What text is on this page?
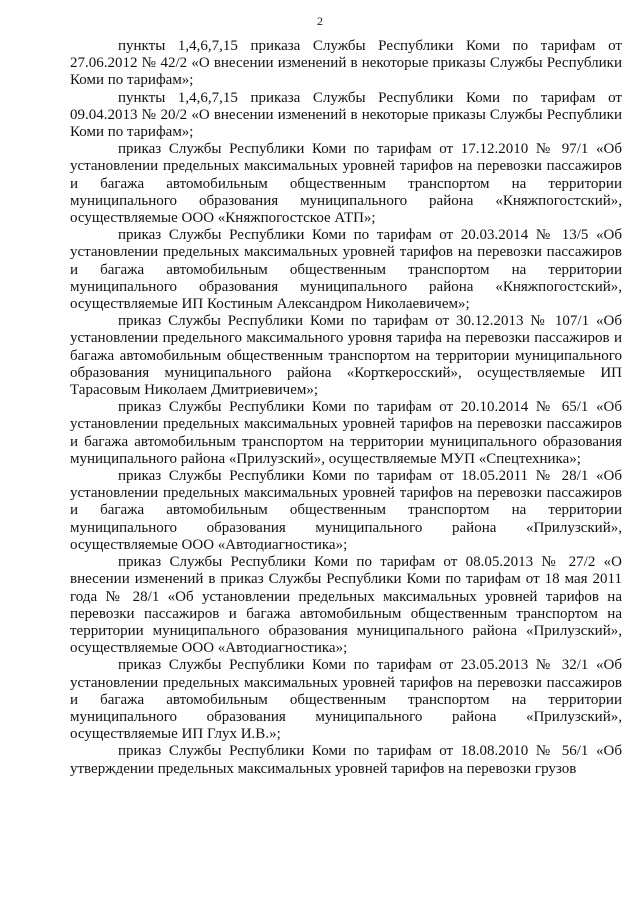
2

пункты 1,4,6,7,15 приказа Службы Республики Коми по тарифам от 27.06.2012 № 42/2 «О внесении изменений в некоторые приказы Службы Республики Коми по тарифам»;

пункты 1,4,6,7,15 приказа Службы Республики Коми по тарифам от 09.04.2013 № 20/2 «О внесении изменений в некоторые приказы Службы Республики Коми по тарифам»;

приказ Службы Республики Коми по тарифам от 17.12.2010 № 97/1 «Об установлении предельных максимальных уровней тарифов на перевозки пассажиров и багажа автомобильным общественным транспортом на территории муниципального образования муниципального района «Княжпогостский», осуществляемые ООО «Княжпогостское АТП»;

приказ Службы Республики Коми по тарифам от 20.03.2014 № 13/5 «Об установлении предельных максимальных уровней тарифов на перевозки пассажиров и багажа автомобильным общественным транспортом на территории муниципального образования муниципального района «Княжпогостский», осуществляемые ИП Костиным Александром Николаевичем»;

приказ Службы Республики Коми по тарифам от 30.12.2013 № 107/1 «Об установлении предельного максимального уровня тарифа на перевозки пассажиров и багажа автомобильным общественным транспортом на территории муниципального образования муниципального района «Корткеросский», осуществляемые ИП Тарасовым Николаем Дмитриевичем»;

приказ Службы Республики Коми по тарифам от 20.10.2014 № 65/1 «Об установлении предельных максимальных уровней тарифов на перевозки пассажиров и багажа автомобильным транспортом на территории муниципального образования муниципального района «Прилузский», осуществляемые МУП «Спецтехника»;

приказ Службы Республики Коми по тарифам от 18.05.2011 № 28/1 «Об установлении предельных максимальных уровней тарифов на перевозки пассажиров и багажа автомобильным общественным транспортом на территории муниципального образования муниципального района «Прилузский», осуществляемые ООО «Автодиагностика»;

приказ Службы Республики Коми по тарифам от 08.05.2013 № 27/2 «О внесении изменений в приказ Службы Республики Коми по тарифам от 18 мая 2011 года № 28/1 «Об установлении предельных максимальных уровней тарифов на перевозки пассажиров и багажа автомобильным общественным транспортом на территории муниципального образования муниципального района «Прилузский», осуществляемые ООО «Автодиагностика»;

приказ Службы Республики Коми по тарифам от 23.05.2013 № 32/1 «Об установлении предельных максимальных уровней тарифов на перевозки пассажиров и багажа автомобильным общественным транспортом на территории муниципального образования муниципального района «Прилузский», осуществляемые ИП Глух И.В.»;

приказ Службы Республики Коми по тарифам от 18.08.2010 № 56/1 «Об утверждении предельных максимальных уровней тарифов на перевозки грузов
